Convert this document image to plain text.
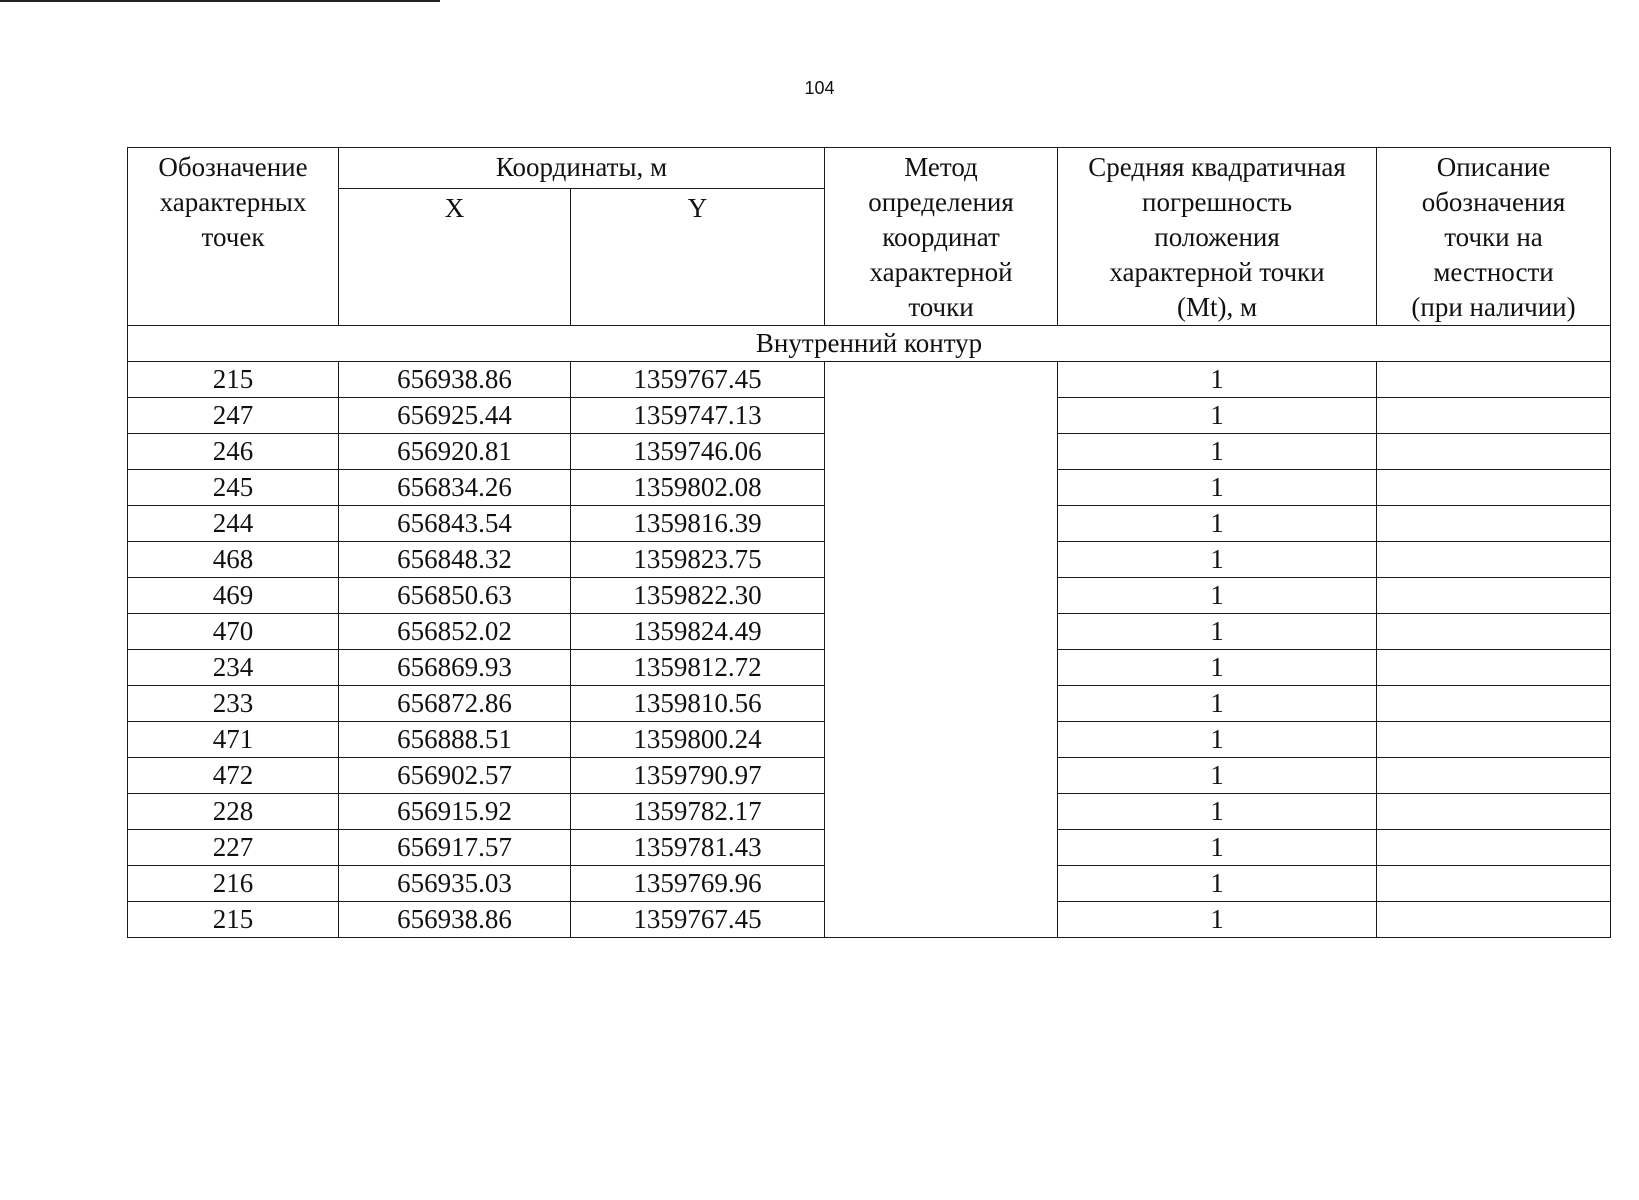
104
Обозначение
характерных
точек	Координаты, м		Метод
определения
координат
характерной
точки	Средняя квадратичная
погрешность
положения
характерной точки
(Mt), м	Описание
обозначения
точки на
местности
(при наличии)

	X	Y			
Внутренний контур					
215	656938.86	1359767.45		1	
247	656925.44	1359747.13		1	
246	656920.81	1359746.06		1	
245	656834.26	1359802.08		1	
244	656843.54	1359816.39		1	
468	656848.32	1359823.75		1	
469	656850.63	1359822.30		1	
470	656852.02	1359824.49		1	
234	656869.93	1359812.72		1	
233	656872.86	1359810.56		1	
471	656888.51	1359800.24		1	
472	656902.57	1359790.97		1	
228	656915.92	1359782.17		1	
227	656917.57	1359781.43		1	
216	656935.03	1359769.96		1	
215	656938.86	1359767.45		1	
